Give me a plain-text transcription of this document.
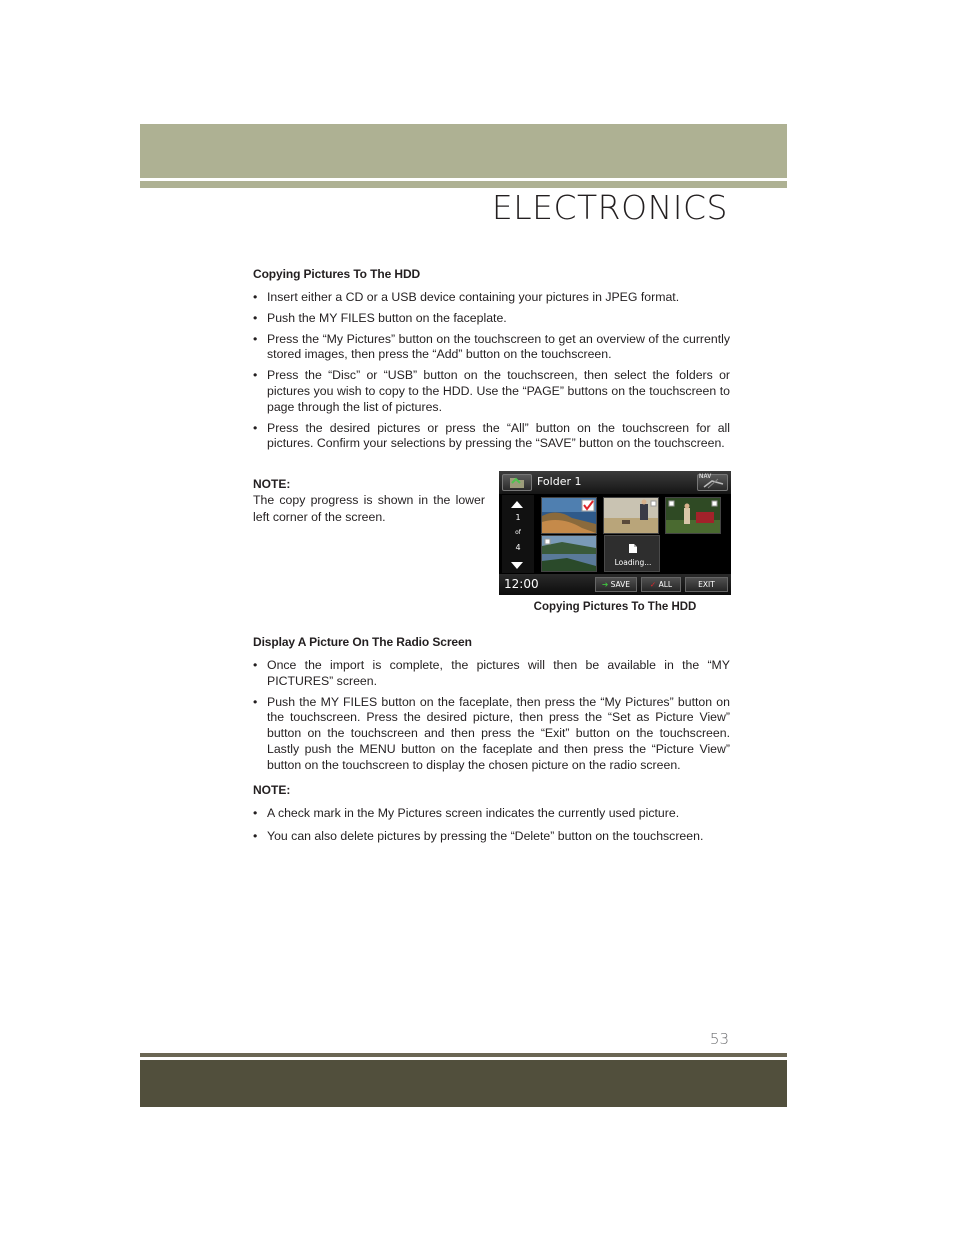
ELECTRONICS
Copying Pictures To The HDD
• Insert either a CD or a USB device containing your pictures in JPEG format.
• Push the MY FILES button on the faceplate.
• Press the “My Pictures” button on the touchscreen to get an overview of the currently stored images, then press the “Add” button on the touchscreen.
• Press the “Disc” or “USB” button on the touchscreen, then select the folders or pictures you wish to copy to the HDD. Use the “PAGE” buttons on the touchscreen to page through the list of pictures.
• Press the desired pictures or press the “All” button on the touchscreen for all pictures. Confirm your selections by pressing the “SAVE” button on the touchscreen.
NOTE:
The copy progress is shown in the lower left corner of the screen.
Folder 1	NAV
1
of
4
12:00	➔ SAVE	✓ ALL	EXIT
Loading...
Copying Pictures To The HDD
Display A Picture On The Radio Screen
• Once the import is complete, the pictures will then be available in the “MY PICTURES” screen.
• Push the MY FILES button on the faceplate, then press the “My Pictures” button on the touchscreen. Press the desired picture, then press the “Set as Picture View” button on the touchscreen and then press the “Exit” button on the touchscreen. Lastly push the MENU button on the faceplate and then press the “Picture View” button on the touchscreen to display the chosen picture on the radio screen.
NOTE:
• A check mark in the My Pictures screen indicates the currently used picture.
• You can also delete pictures by pressing the “Delete” button on the touchscreen.
53
